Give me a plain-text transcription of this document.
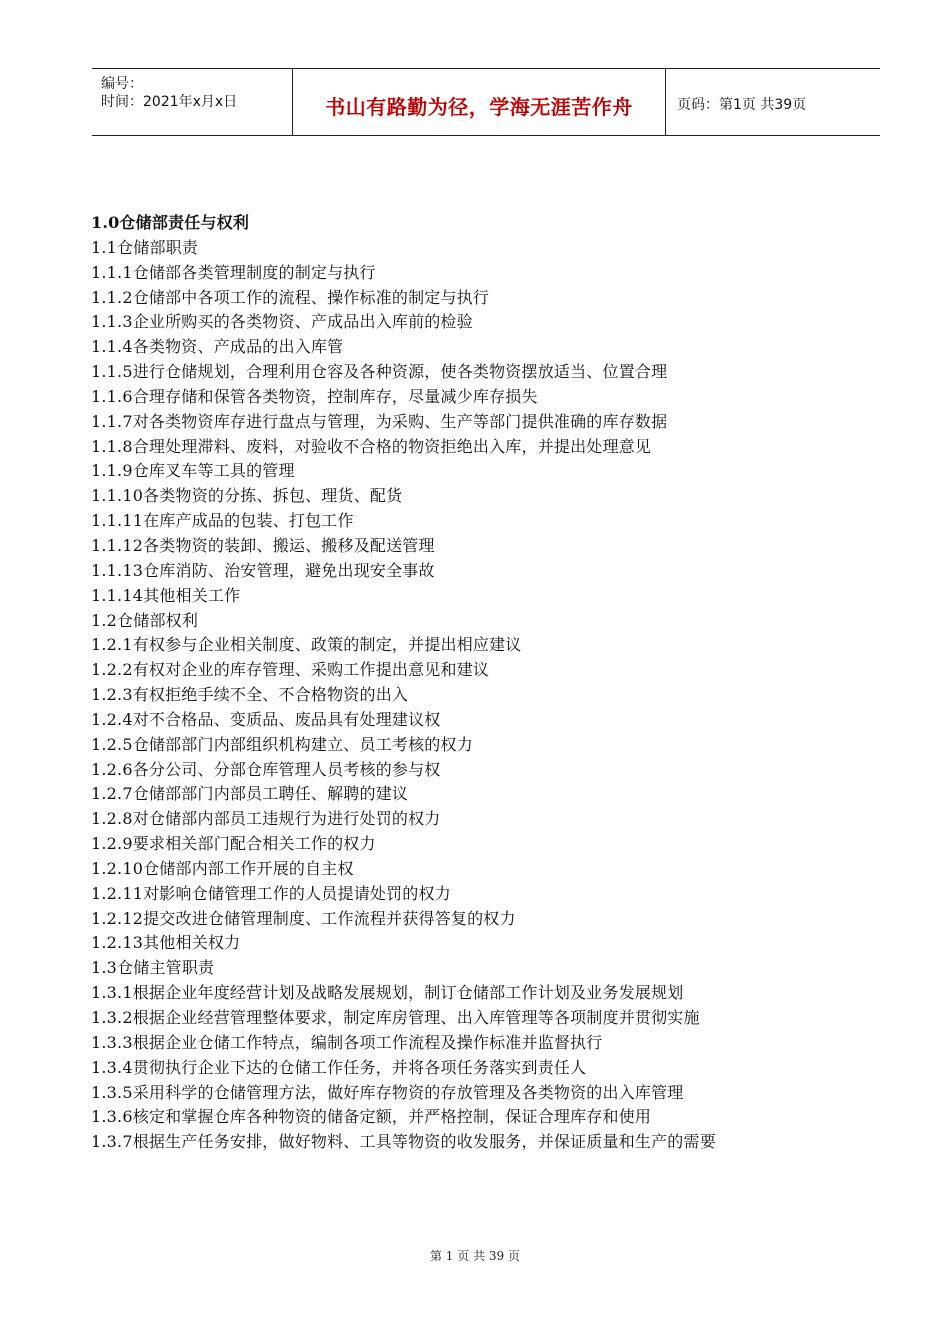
编号：
时间：2021年x月x日	书山有路勤为径，学海无涯苦作舟	页码：第1页 共39页
1.0仓储部责任与权利
1.1仓储部职责
1.1.1仓储部各类管理制度的制定与执行
1.1.2仓储部中各项工作的流程、操作标准的制定与执行
1.1.3企业所购买的各类物资、产成品出入库前的检验
1.1.4各类物资、产成品的出入库管
1.1.5进行仓储规划，合理利用仓容及各种资源，使各类物资摆放适当、位置合理
1.1.6合理存储和保管各类物资，控制库存，尽量减少库存损失
1.1.7对各类物资库存进行盘点与管理，为采购、生产等部门提供准确的库存数据
1.1.8合理处理滞料、废料，对验收不合格的物资拒绝出入库，并提出处理意见
1.1.9仓库叉车等工具的管理
1.1.10各类物资的分拣、拆包、理货、配货
1.1.11在库产成品的包装、打包工作
1.1.12各类物资的装卸、搬运、搬移及配送管理
1.1.13仓库消防、治安管理，避免出现安全事故
1.1.14其他相关工作
1.2仓储部权利
1.2.1有权参与企业相关制度、政策的制定，并提出相应建议
1.2.2有权对企业的库存管理、采购工作提出意见和建议
1.2.3有权拒绝手续不全、不合格物资的出入
1.2.4对不合格品、变质品、废品具有处理建议权
1.2.5仓储部部门内部组织机构建立、员工考核的权力
1.2.6各分公司、分部仓库管理人员考核的参与权
1.2.7仓储部部门内部员工聘任、解聘的建议
1.2.8对仓储部内部员工违规行为进行处罚的权力
1.2.9要求相关部门配合相关工作的权力
1.2.10仓储部内部工作开展的自主权
1.2.11对影响仓储管理工作的人员提请处罚的权力
1.2.12提交改进仓储管理制度、工作流程并获得答复的权力
1.2.13其他相关权力
1.3仓储主管职责
1.3.1根据企业年度经营计划及战略发展规划，制订仓储部工作计划及业务发展规划
1.3.2根据企业经营管理整体要求，制定库房管理、出入库管理等各项制度并贯彻实施
1.3.3根据企业仓储工作特点，编制各项工作流程及操作标准并监督执行
1.3.4贯彻执行企业下达的仓储工作任务，并将各项任务落实到责任人
1.3.5采用科学的仓储管理方法，做好库存物资的存放管理及各类物资的出入库管理
1.3.6核定和掌握仓库各种物资的储备定额，并严格控制，保证合理库存和使用
1.3.7根据生产任务安排，做好物料、工具等物资的收发服务，并保证质量和生产的需要
第 1 页 共 39 页
